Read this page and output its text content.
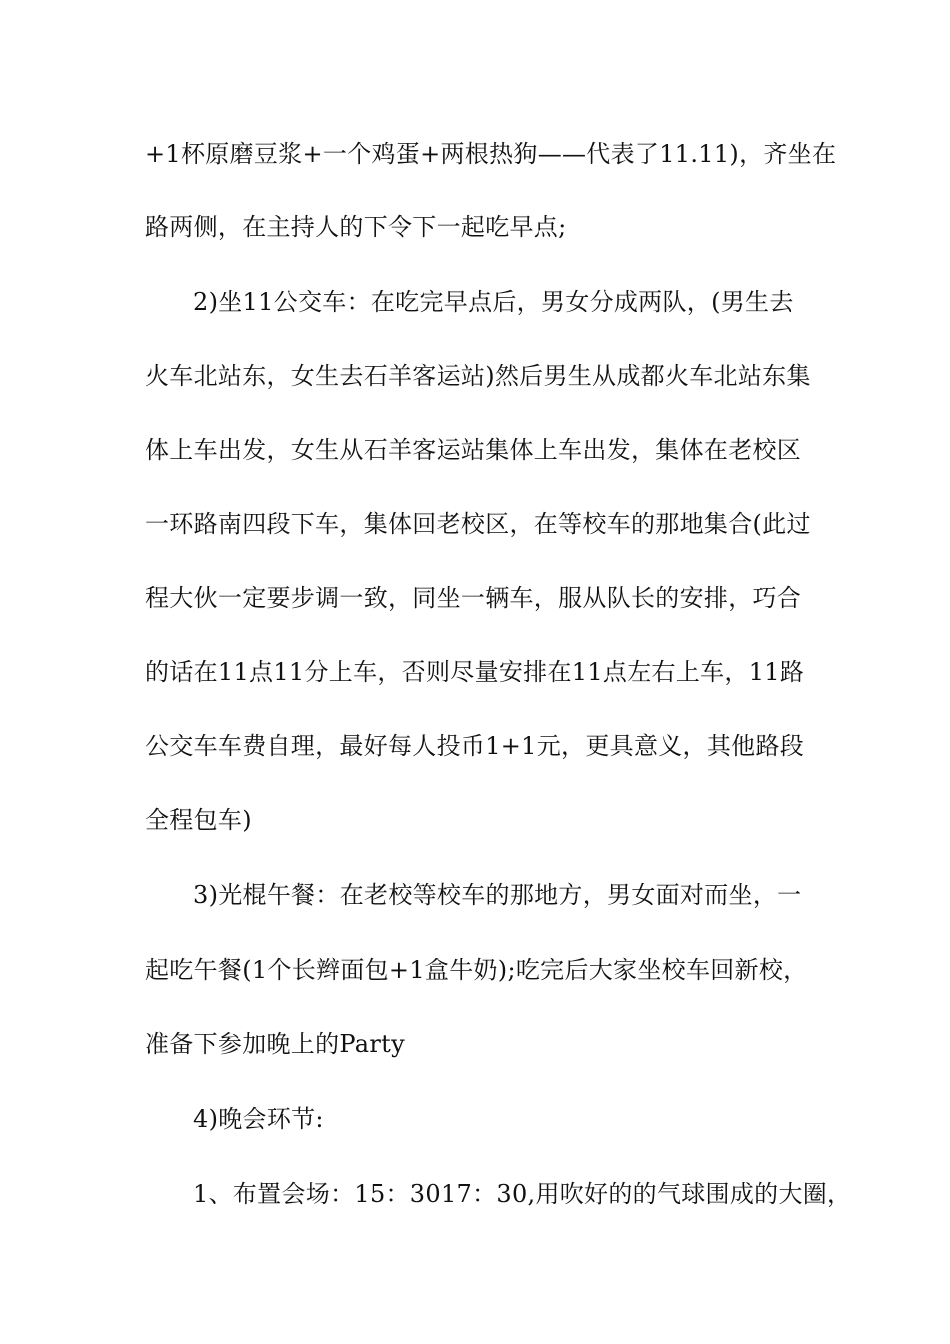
+1杯原磨豆浆+一个鸡蛋+两根热狗——代表了11.11)，齐坐在
路两侧，在主持人的下令下一起吃早点;
2)坐11公交车：在吃完早点后，男女分成两队，(男生去
火车北站东，女生去石羊客运站)然后男生从成都火车北站东集
体上车出发，女生从石羊客运站集体上车出发，集体在老校区
一环路南四段下车，集体回老校区，在等校车的那地集合(此过
程大伙一定要步调一致，同坐一辆车，服从队长的安排，巧合
的话在11点11分上车，否则尽量安排在11点左右上车，11路
公交车车费自理，最好每人投币1+1元，更具意义，其他路段
全程包车)
3)光棍午餐：在老校等校车的那地方，男女面对而坐，一
起吃午餐(1个长辫面包+1盒牛奶);吃完后大家坐校车回新校，
准备下参加晚上的Party
4)晚会环节:
1、布置会场：15：3017：30,用吹好的的气球围成的大圈，
